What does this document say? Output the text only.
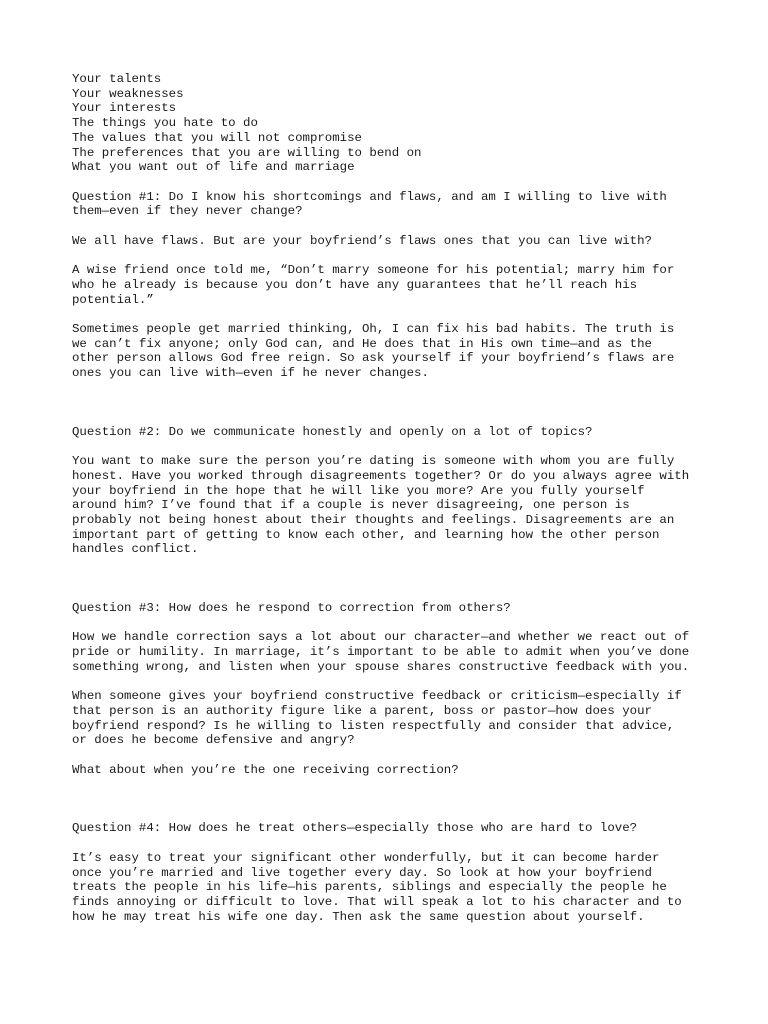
Your talents
Your weaknesses
Your interests
The things you hate to do
The values that you will not compromise
The preferences that you are willing to bend on
What you want out of life and marriage
Question #1: Do I know his shortcomings and flaws, and am I willing to live with
them—even if they never change?
We all have flaws. But are your boyfriend’s flaws ones that you can live with?
A wise friend once told me, “Don’t marry someone for his potential; marry him for
who he already is because you don’t have any guarantees that he’ll reach his
potential.”
Sometimes people get married thinking, Oh, I can fix his bad habits. The truth is
we can’t fix anyone; only God can, and He does that in His own time—and as the
other person allows God free reign. So ask yourself if your boyfriend’s flaws are
ones you can live with—even if he never changes.
Question #2: Do we communicate honestly and openly on a lot of topics?
You want to make sure the person you’re dating is someone with whom you are fully
honest. Have you worked through disagreements together? Or do you always agree with
your boyfriend in the hope that he will like you more? Are you fully yourself
around him? I’ve found that if a couple is never disagreeing, one person is
probably not being honest about their thoughts and feelings. Disagreements are an
important part of getting to know each other, and learning how the other person
handles conflict.
Question #3: How does he respond to correction from others?
How we handle correction says a lot about our character—and whether we react out of
pride or humility. In marriage, it’s important to be able to admit when you’ve done
something wrong, and listen when your spouse shares constructive feedback with you.
When someone gives your boyfriend constructive feedback or criticism—especially if
that person is an authority figure like a parent, boss or pastor—how does your
boyfriend respond? Is he willing to listen respectfully and consider that advice,
or does he become defensive and angry?
What about when you’re the one receiving correction?
Question #4: How does he treat others—especially those who are hard to love?
It’s easy to treat your significant other wonderfully, but it can become harder
once you’re married and live together every day. So look at how your boyfriend
treats the people in his life—his parents, siblings and especially the people he
finds annoying or difficult to love. That will speak a lot to his character and to
how he may treat his wife one day. Then ask the same question about yourself.
